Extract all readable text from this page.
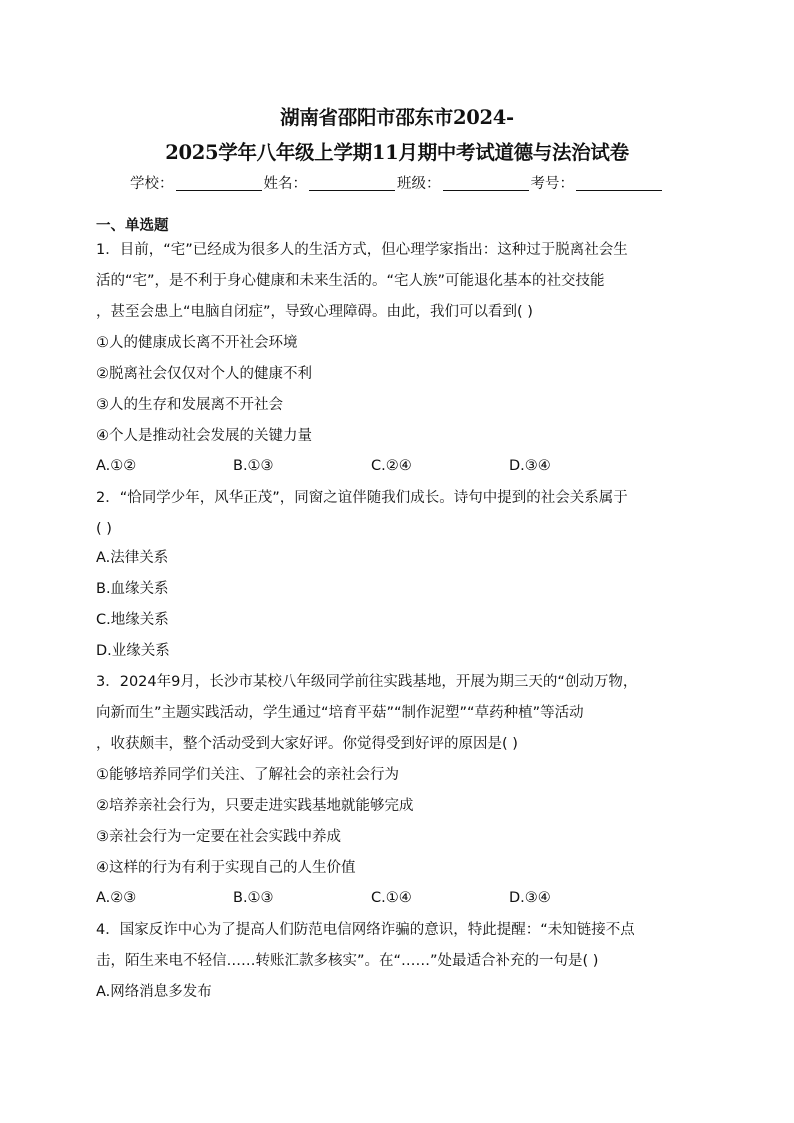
湖南省邵阳市邵东市2024-
2025学年八年级上学期11月期中考试道德与法治试卷
学校：	姓名：	班级：	考号：
一、单选题
1．目前，“宅”已经成为很多人的生活方式，但心理学家指出：这种过于脱离社会生
活的“宅”，是不利于身心健康和未来生活的。“宅人族”可能退化基本的社交技能
，甚至会患上“电脑自闭症”，导致心理障碍。由此，我们可以看到( )
①人的健康成长离不开社会环境
②脱离社会仅仅对个人的健康不利
③人的生存和发展离不开社会
④个人是推动社会发展的关键力量
A.①②	B.①③	C.②④	D.③④
2．“恰同学少年，风华正茂”，同窗之谊伴随我们成长。诗句中提到的社会关系属于
( )
A.法律关系
B.血缘关系
C.地缘关系
D.业缘关系
3．2024年9月，长沙市某校八年级同学前往实践基地，开展为期三天的“创动万物，
向新而生”主题实践活动，学生通过“培育平菇”“制作泥塑”“草药种植”等活动
，收获颇丰，整个活动受到大家好评。你觉得受到好评的原因是( )
①能够培养同学们关注、了解社会的亲社会行为
②培养亲社会行为，只要走进实践基地就能够完成
③亲社会行为一定要在社会实践中养成
④这样的行为有利于实现自己的人生价值
A.②③	B.①③	C.①④	D.③④
4．国家反诈中心为了提高人们防范电信网络诈骗的意识，特此提醒：“未知链接不点
击，陌生来电不轻信……转账汇款多核实”。在“……”处最适合补充的一句是( )
A.网络消息多发布
